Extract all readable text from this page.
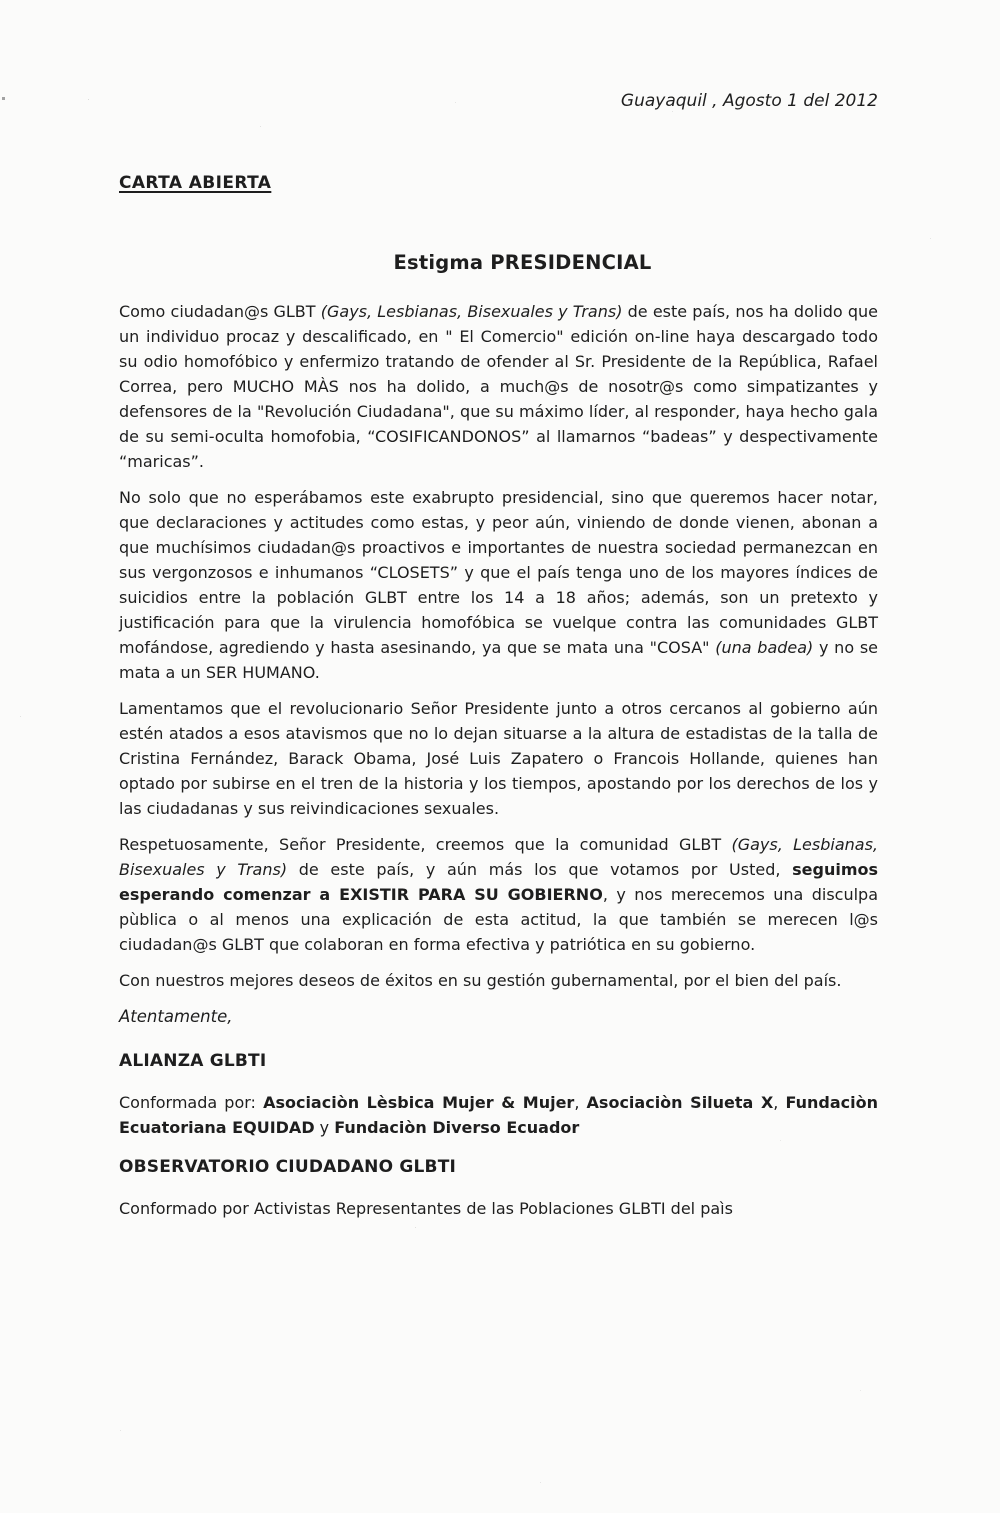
Guayaquil , Agosto 1 del 2012
CARTA ABIERTA
Estigma PRESIDENCIAL

Como ciudadan@s GLBT (Gays, Lesbianas, Bisexuales y Trans) de este país, nos ha dolido que un individuo procaz y descalificado, en " El Comercio" edición on-line haya descargado todo su odio homofóbico y enfermizo tratando de ofender al Sr. Presidente de la República, Rafael Correa, pero MUCHO MÀS nos ha dolido, a much@s de nosotr@s como simpatizantes y defensores de la "Revolución Ciudadana", que su máximo líder, al responder, haya hecho gala de su semi-oculta homofobia, “COSIFICANDONOS” al llamarnos “badeas” y despectivamente “maricas”.

No solo que no esperábamos este exabrupto presidencial, sino que queremos hacer notar, que declaraciones y actitudes como estas, y peor aún, viniendo de donde vienen, abonan a que muchísimos ciudadan@s proactivos e importantes de nuestra sociedad permanezcan en sus vergonzosos e inhumanos “CLOSETS” y que el país tenga uno de los mayores índices de suicidios entre la población GLBT entre los 14 a 18 años; además, son un pretexto y justificación para que la virulencia homofóbica se vuelque contra las comunidades GLBT mofándose, agrediendo y hasta asesinando, ya que se mata una "COSA" (una badea) y no se mata a un SER HUMANO.

Lamentamos que el revolucionario Señor Presidente junto a otros cercanos al gobierno aún estén atados a esos atavismos que no lo dejan situarse a la altura de estadistas de la talla de Cristina Fernández, Barack Obama, José Luis Zapatero o Francois Hollande, quienes han optado por subirse en el tren de la historia y los tiempos, apostando por los derechos de los y las ciudadanas y sus reivindicaciones sexuales.

Respetuosamente, Señor Presidente, creemos que la comunidad GLBT (Gays, Lesbianas, Bisexuales y Trans) de este país, y aún más los que votamos por Usted, seguimos esperando comenzar a EXISTIR PARA SU GOBIERNO, y nos merecemos una disculpa pùblica o al menos una explicación de esta actitud, la que también se merecen l@s ciudadan@s GLBT que colaboran en forma efectiva y patriótica en su gobierno.

Con nuestros mejores deseos de éxitos en su gestión gubernamental, por el bien del país.

Atentamente,

ALIANZA GLBTI

Conformada por: Asociaciòn Lèsbica Mujer & Mujer, Asociaciòn Silueta X, Fundaciòn Ecuatoriana EQUIDAD y Fundaciòn Diverso Ecuador

OBSERVATORIO CIUDADANO GLBTI

Conformado por Activistas Representantes de las Poblaciones GLBTI del paìs
